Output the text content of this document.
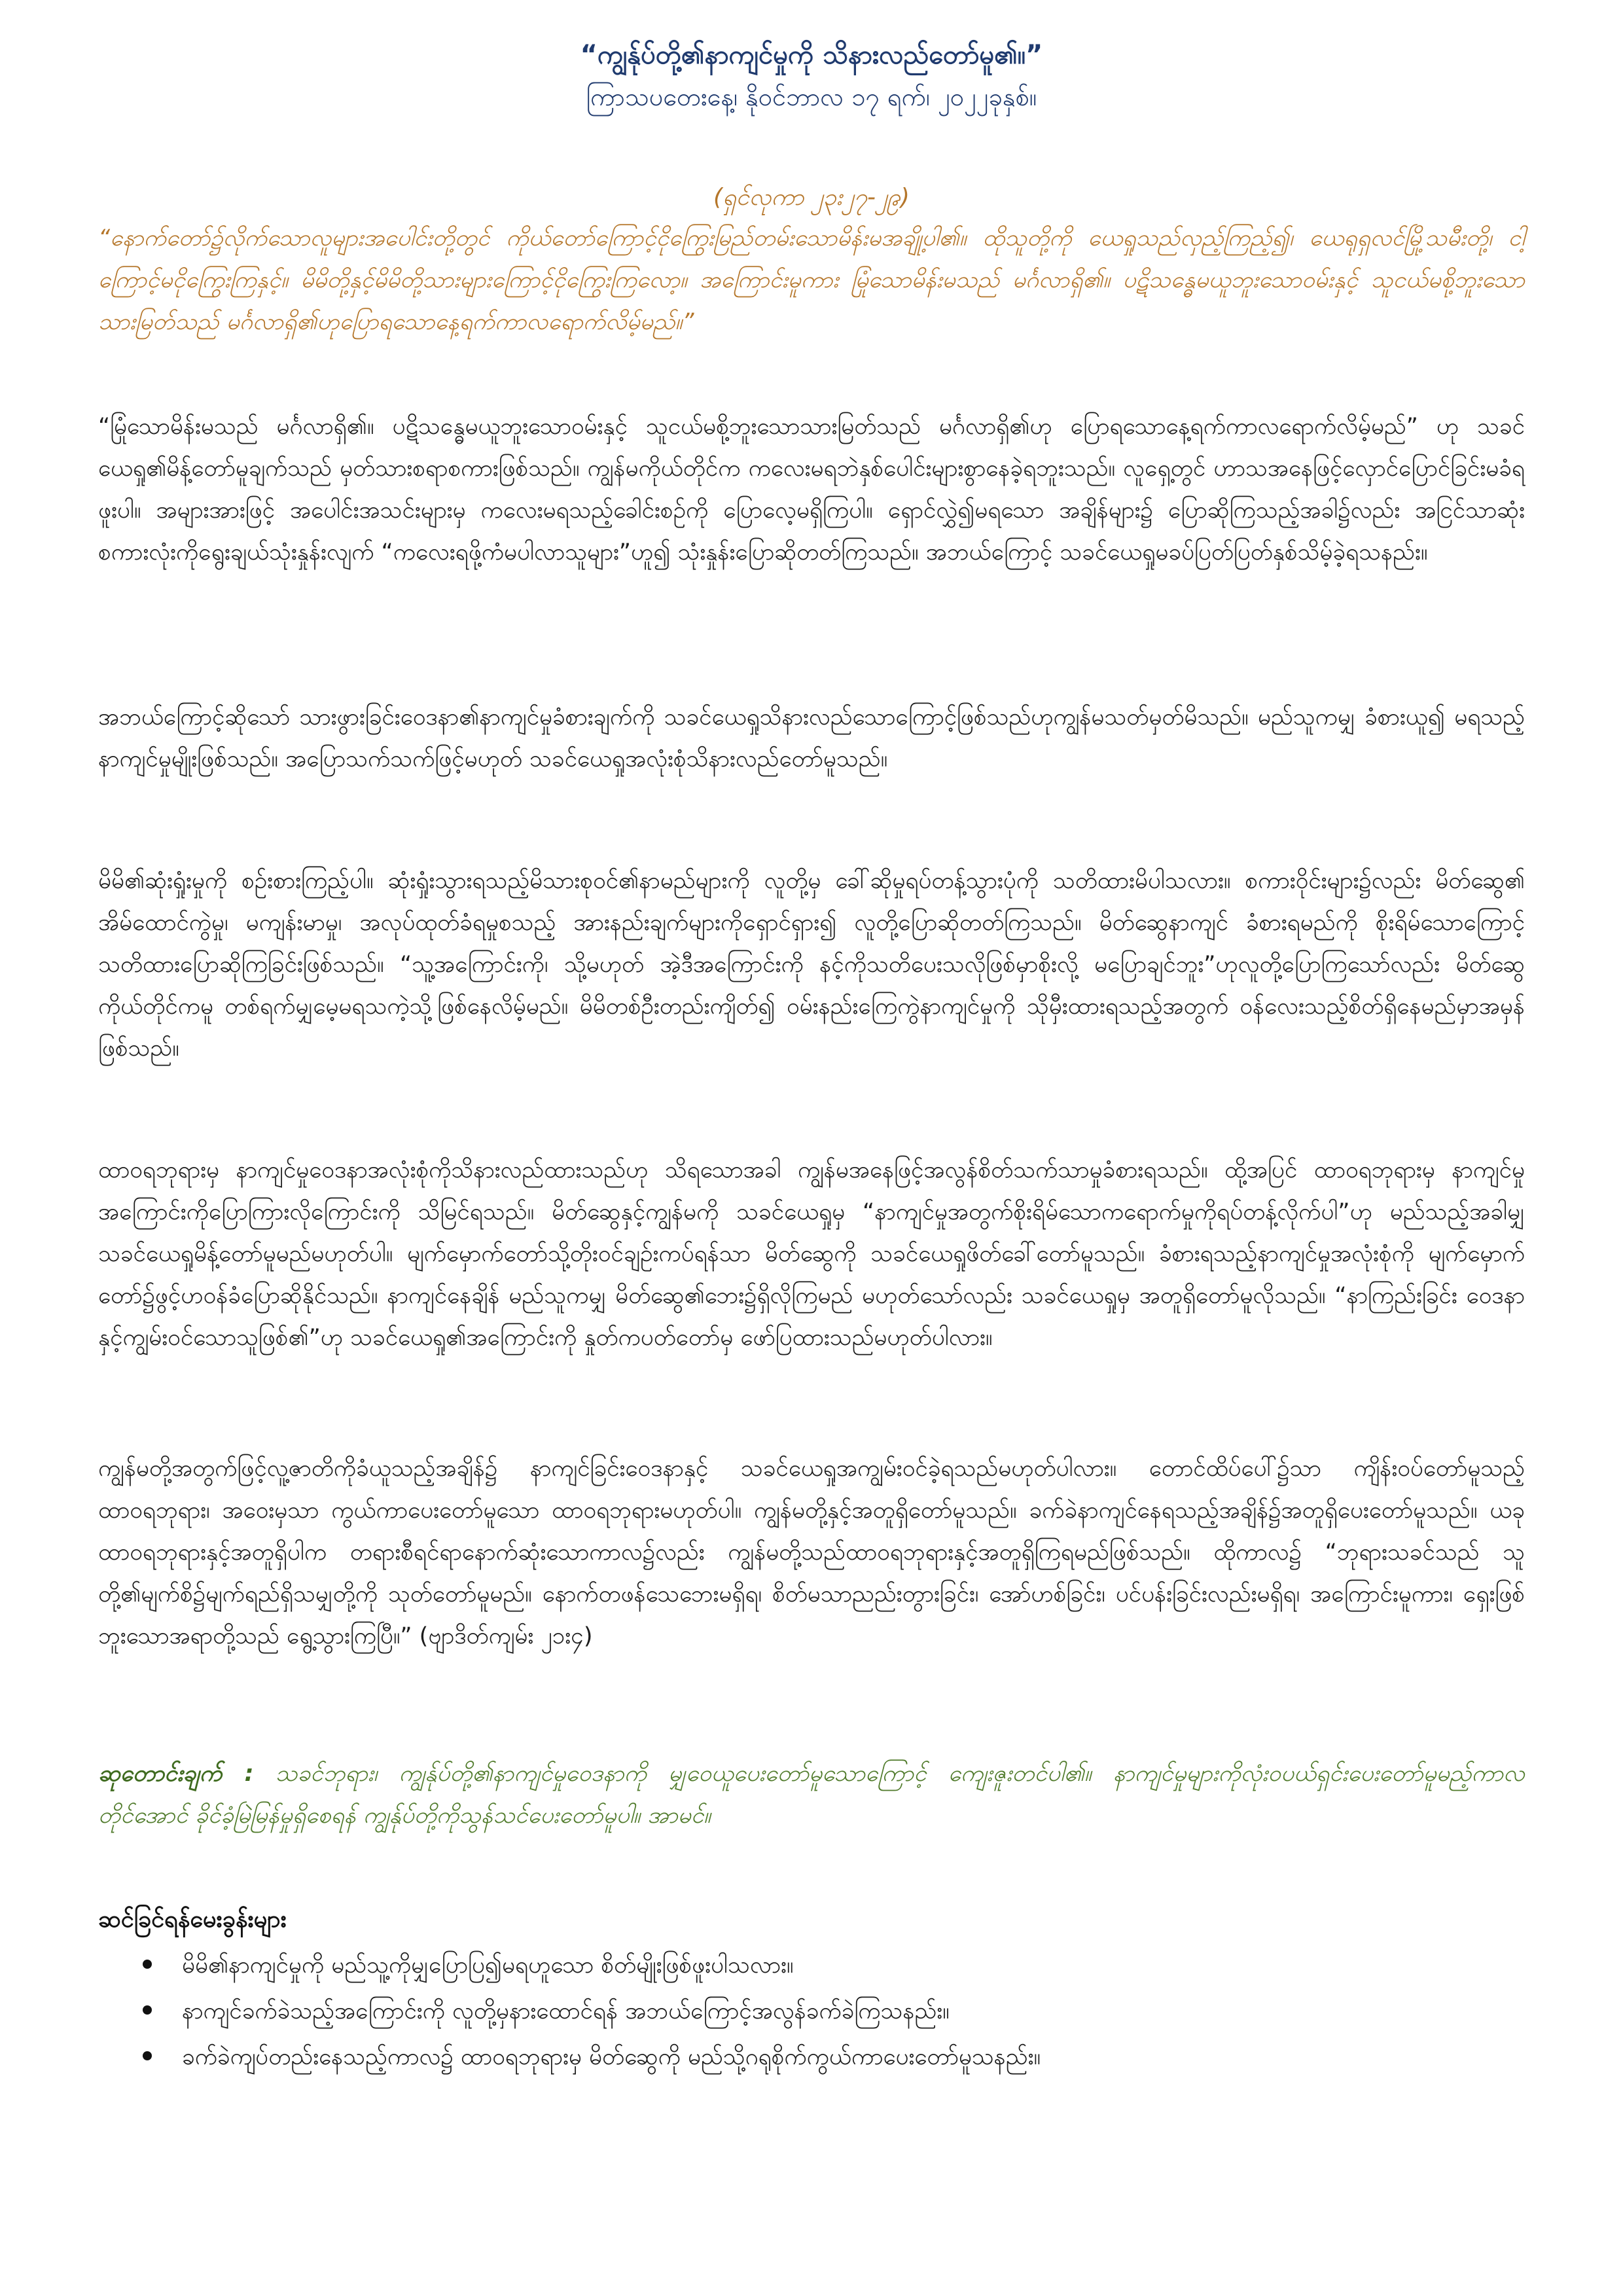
“ကျွန်ုပ်တို့၏နာကျင်မှုကို သိနားလည်တော်မူ၏။”

ကြာသပတေးနေ့၊ နိုဝင်ဘာလ ၁၇ ရက်၊ ၂၀၂၂ခုနှစ်။

(ရှင်လုကာ ၂၃း၂၇-၂၉)

“နောက်တော်၌လိုက်သောလူများအပေါင်းတို့တွင် ကိုယ်တော်ကြောင့်ငိုကြွေးမြည်တမ်းသောမိန်းမအချို့ပါ၏။ ထိုသူတို့ကို ယေရှုသည်လှည့်ကြည့်၍၊ ယေရုရှလင်မြို့သမီးတို့၊ ငါ့ကြောင့်မငိုကြွေးကြနှင့်။ မိမိတို့နှင့်မိမိတို့သားများကြောင့်ငိုကြွေးကြလော့။ အကြောင်းမူကား မြုံသောမိန်းမသည် မင်္ဂလာရှိ၏။ ပဋိသန္ဓေမယူဘူးသောဝမ်းနှင့် သူငယ်မစို့ဘူးသောသားမြတ်သည် မင်္ဂလာရှိ၏ဟုပြောရသောနေ့ရက်ကာလရောက်လိမ့်မည်။”

“မြုံသောမိန်းမသည် မင်္ဂလာရှိ၏။ ပဋိသန္ဓေမယူဘူးသောဝမ်းနှင့် သူငယ်မစို့ဘူးသောသားမြတ်သည် မင်္ဂလာရှိ၏ဟု ပြောရသောနေ့ရက်ကာလရောက်လိမ့်မည်” ဟု သခင်ယေရှု၏မိန့်တော်မူချက်သည် မှတ်သားစရာစကားဖြစ်သည်။ ကျွန်မကိုယ်တိုင်က ကလေးမရဘဲနှစ်ပေါင်းများစွာနေခဲ့ရဘူးသည်။ လူရှေ့တွင် ဟာသအနေဖြင့်လှောင်ပြောင်ခြင်းမခံရဖူးပါ။ အများအားဖြင့် အပေါင်းအသင်းများမှ ကလေးမရသည့်ခေါင်းစဉ်ကို ပြောလေ့မရှိကြပါ။ ရှောင်လွှဲ၍မရသော အချိန်များ၌ ပြောဆိုကြသည့်အခါ၌လည်း အငြင်သာဆုံးစကားလုံးကိုရွေးချယ်သုံးနှုန်းလျက် “ကလေးရဖို့ကံမပါလာသူများ”ဟူ၍ သုံးနှုန်းပြောဆိုတတ်ကြသည်။ အဘယ်ကြောင့် သခင်ယေရှုမခပ်ပြတ်ပြတ်နှစ်သိမ့်ခဲ့ရသနည်း။

အဘယ်ကြောင့်ဆိုသော် သားဖွားခြင်းဝေဒနာ၏နာကျင်မှုခံစားချက်ကို သခင်ယေရှုသိနားလည်သောကြောင့်ဖြစ်သည်ဟုကျွန်မသတ်မှတ်မိသည်။ မည်သူကမျှ ခံစားယူ၍ မရသည့်နာကျင်မှုမျိုးဖြစ်သည်။ အပြောသက်သက်ဖြင့်မဟုတ် သခင်ယေရှုအလုံးစုံသိနားလည်တော်မူသည်။

မိမိ၏ဆုံးရှုံးမှုကို စဉ်းစားကြည့်ပါ။ ဆုံးရှုံးသွားရသည့်မိသားစုဝင်၏နာမည်များကို လူတို့မှ ခေါ်ဆိုမှုရပ်တန့်သွားပုံကို သတိထားမိပါသလား။ စကားဝိုင်းများ၌လည်း မိတ်ဆွေ၏ အိမ်ထောင်ကွဲမှု၊ မကျန်းမာမှု၊ အလုပ်ထုတ်ခံရမှုစသည့် အားနည်းချက်များကိုရှောင်ရှား၍ လူတို့ပြောဆိုတတ်ကြသည်။ မိတ်ဆွေနာကျင် ခံစားရမည်ကို စိုးရိမ်သောကြောင့် သတိထားပြောဆိုကြခြင်းဖြစ်သည်။ “သူ့အကြောင်းကို၊ သို့မဟုတ် အဲ့ဒီအကြောင်းကို နင့်ကိုသတိပေးသလိုဖြစ်မှာစိုးလို့ မပြောချင်ဘူး”ဟုလူတို့ပြောကြသော်လည်း မိတ်ဆွေကိုယ်တိုင်ကမူ တစ်ရက်မျှမေ့မရသကဲ့သို့ဖြစ်နေလိမ့်မည်။ မိမိတစ်ဦးတည်းကျိတ်၍ ဝမ်းနည်းကြေကွဲနာကျင်မှုကို သိုမှီးထားရသည့်အတွက် ဝန်လေးသည့်စိတ်ရှိနေမည်မှာအမှန်ဖြစ်သည်။

ထာဝရဘုရားမှ နာကျင်မှုဝေဒနာအလုံးစုံကိုသိနားလည်ထားသည်ဟု သိရသောအခါ ကျွန်မအနေဖြင့်အလွန်စိတ်သက်သာမှုခံစားရသည်။ ထို့အပြင် ထာဝရဘုရားမှ နာကျင်မှုအကြောင်းကိုပြောကြားလိုကြောင်းကို သိမြင်ရသည်။ မိတ်ဆွေနှင့်ကျွန်မကို သခင်ယေရှုမှ “နာကျင်မှုအတွက်စိုးရိမ်သောကရောက်မှုကိုရပ်တန့်လိုက်ပါ”ဟု မည်သည့်အခါမျှ သခင်ယေရှုမိန့်တော်မူမည်မဟုတ်ပါ။ မျက်မှောက်တော်သို့တိုးဝင်ချဉ်းကပ်ရန်သာ မိတ်ဆွေကို သခင်ယေရှုဖိတ်ခေါ်တော်မူသည်။ ခံစားရသည့်နာကျင်မှုအလုံးစုံကို မျက်မှောက်တော်၌ဖွင့်ဟဝန်ခံပြောဆိုနိုင်သည်။ နာကျင်နေချိန် မည်သူကမျှ မိတ်ဆွေ၏ဘေး၌ရှိလိုကြမည် မဟုတ်သော်လည်း သခင်ယေရှုမှ အတူရှိတော်မူလိုသည်။ “နာကြည်းခြင်း ဝေဒနာနှင့်ကျွမ်းဝင်သောသူဖြစ်၏”ဟု သခင်ယေရှု၏အကြောင်းကို နှုတ်ကပတ်တော်မှ ဖော်ပြထားသည်မဟုတ်ပါလား။

ကျွန်မတို့အတွက်ဖြင့်လူ့ဇာတိကိုခံယူသည့်အချိန်၌ နာကျင်ခြင်းဝေဒနာနှင့် သခင်ယေရှုအကျွမ်းဝင်ခဲ့ရသည်မဟုတ်ပါလား။ တောင်ထိပ်ပေါ်၌သာ ကျိန်းဝပ်တော်မူသည့်ထာဝရဘုရား၊ အဝေးမှသာ ကွယ်ကာပေးတော်မူသော ထာဝရဘုရားမဟုတ်ပါ။ ကျွန်မတို့နှင့်အတူရှိတော်မူသည်။ ခက်ခဲနာကျင်နေရသည့်အချိန်၌အတူရှိပေးတော်မူသည်။ ယခု ထာဝရဘုရားနှင့်အတူရှိပါက တရားစီရင်ရာနောက်ဆုံးသောကာလ၌လည်း ကျွန်မတို့သည်ထာဝရဘုရားနှင့်အတူရှိကြရမည်ဖြစ်သည်။ ထိုကာလ၌ “ဘုရားသခင်သည် သူတို့၏မျက်စိ၌မျက်ရည်ရှိသမျှတို့ကို သုတ်တော်မူမည်။ နောက်တဖန်သေဘေးမရှိရ၊ စိတ်မသာညည်းတွားခြင်း၊ အော်ဟစ်ခြင်း၊ ပင်ပန်းခြင်းလည်းမရှိရ၊ အကြောင်းမူကား၊ ရှေးဖြစ်ဘူးသောအရာတို့သည် ရွေ့သွားကြပြီ။” (ဗျာဒိတ်ကျမ်း ၂၁း၄)

ဆုတောင်းချက် : သခင်ဘုရား၊ ကျွန်ုပ်တို့၏နာကျင်မှုဝေဒနာကို မျှဝေယူပေးတော်မူသောကြောင့် ကျေးဇူးတင်ပါ၏။ နာကျင်မှုများကိုလုံးဝပယ်ရှင်းပေးတော်မူမည့်ကာလတိုင်အောင် ခိုင်ခံ့မြဲမြန်မှုရှိစေရန် ကျွန်ုပ်တို့ကိုသွန်သင်ပေးတော်မူပါ။ အာမင်။

ဆင်ခြင်ရန်မေးခွန်းများ

မိမိ၏နာကျင်မှုကို မည်သူ့ကိုမျှပြောပြ၍မရဟူသော စိတ်မျိုးဖြစ်ဖူးပါသလား။
နာကျင်ခက်ခဲသည့်အကြောင်းကို လူတို့မှနားထောင်ရန် အဘယ်ကြောင့်အလွန်ခက်ခဲကြသနည်း။
ခက်ခဲကျပ်တည်းနေသည့်ကာလ၌ ထာဝရဘုရားမှ မိတ်ဆွေကို မည်သို့ဂရုစိုက်ကွယ်ကာပေးတော်မူသနည်း။
